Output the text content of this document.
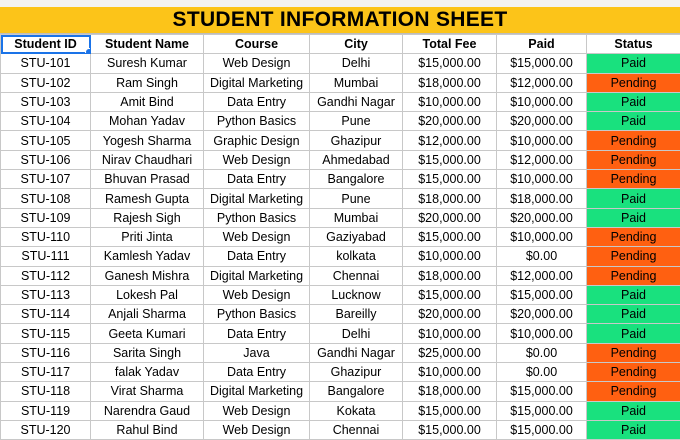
STUDENT INFORMATION SHEET
Student ID	Student Name	Course	City	Total Fee	Paid	Status
STU-101	Suresh Kumar	Web Design	Delhi	$15,000.00	$15,000.00	Paid
STU-102	Ram Singh	Digital Marketing	Mumbai	$18,000.00	$12,000.00	Pending
STU-103	Amit Bind	Data Entry	Gandhi Nagar	$10,000.00	$10,000.00	Paid
STU-104	Mohan Yadav	Python Basics	Pune	$20,000.00	$20,000.00	Paid
STU-105	Yogesh Sharma	Graphic Design	Ghazipur	$12,000.00	$10,000.00	Pending
STU-106	Nirav Chaudhari	Web Design	Ahmedabad	$15,000.00	$12,000.00	Pending
STU-107	Bhuvan Prasad	Data Entry	Bangalore	$15,000.00	$10,000.00	Pending
STU-108	Ramesh Gupta	Digital Marketing	Pune	$18,000.00	$18,000.00	Paid
STU-109	Rajesh Sigh	Python Basics	Mumbai	$20,000.00	$20,000.00	Paid
STU-110	Priti Jinta	Web Design	Gaziyabad	$15,000.00	$10,000.00	Pending
STU-111	Kamlesh Yadav	Data Entry	kolkata	$10,000.00	$0.00	Pending
STU-112	Ganesh Mishra	Digital Marketing	Chennai	$18,000.00	$12,000.00	Pending
STU-113	Lokesh Pal	Web Design	Lucknow	$15,000.00	$15,000.00	Paid
STU-114	Anjali Sharma	Python Basics	Bareilly	$20,000.00	$20,000.00	Paid
STU-115	Geeta Kumari	Data Entry	Delhi	$10,000.00	$10,000.00	Paid
STU-116	Sarita Singh	Java	Gandhi Nagar	$25,000.00	$0.00	Pending
STU-117	falak Yadav	Data Entry	Ghazipur	$10,000.00	$0.00	Pending
STU-118	Virat Sharma	Digital Marketing	Bangalore	$18,000.00	$15,000.00	Pending
STU-119	Narendra Gaud	Web Design	Kokata	$15,000.00	$15,000.00	Paid
STU-120	Rahul Bind	Web Design	Chennai	$15,000.00	$15,000.00	Paid
